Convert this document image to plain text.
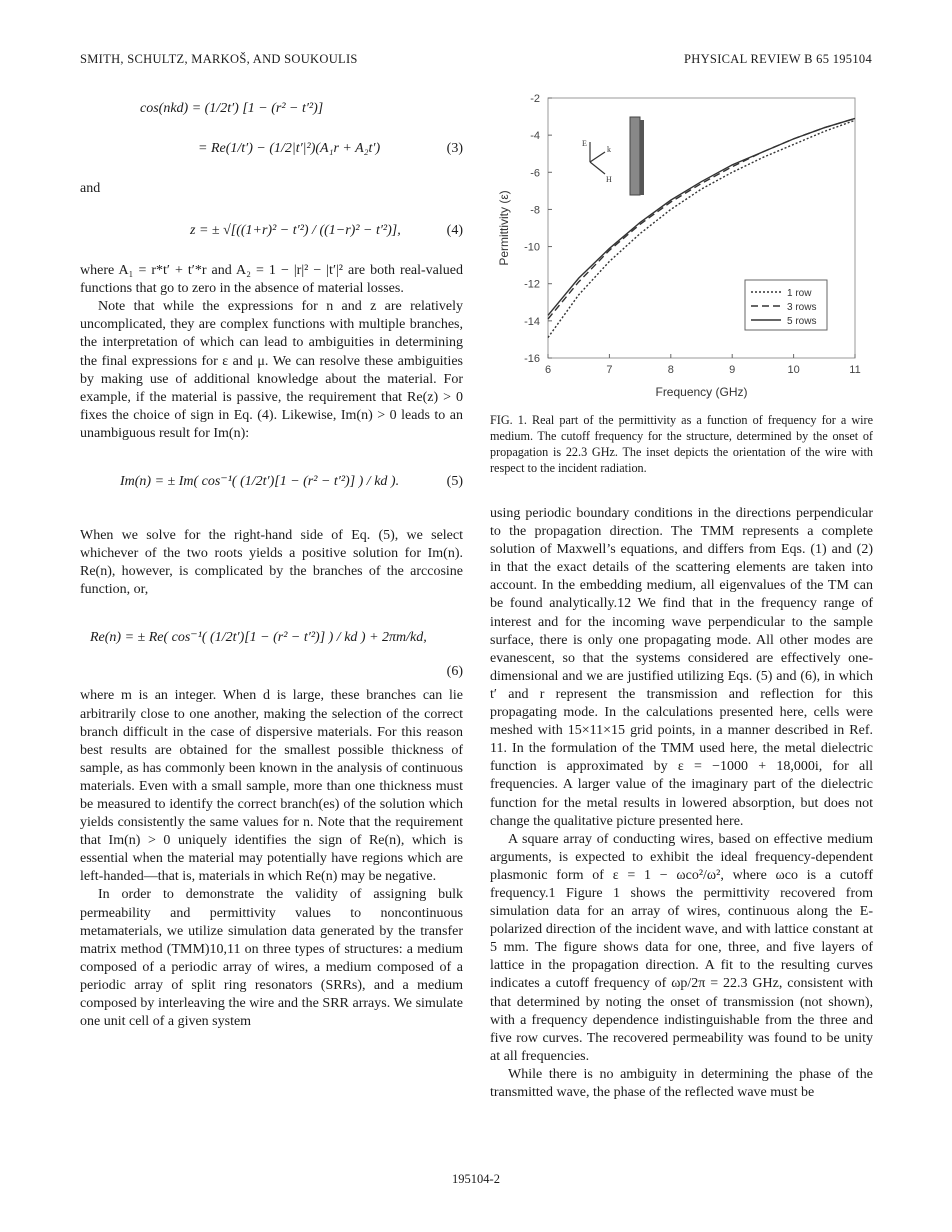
SMITH, SCHULTZ, MARKOŠ, AND SOUKOULIS	PHYSICAL REVIEW B 65 195104
cos(nkd) = (1/2t′) [1 − (r² − t′²)]
= Re(1/t′) − (1/2|t′|²)(A₁r + A₂t′)	(3)

and

z = ± √[((1+r)² − t′²) / ((1−r)² − t′²)],	(4)

where A₁ = r*t′ + t′*r and A₂ = 1 − |r|² − |t′|² are both real-valued functions that go to zero in the absence of material losses.

Note that while the expressions for n and z are relatively uncomplicated, they are complex functions with multiple branches, the interpretation of which can lead to ambiguities in determining the final expressions for ε and μ. We can resolve these ambiguities by making use of additional knowledge about the material. For example, if the material is passive, the requirement that Re(z) > 0 fixes the choice of sign in Eq. (4). Likewise, Im(n) > 0 leads to an unambiguous result for Im(n):

Im(n) = ± Im( cos⁻¹( (1/2t′)[1 − (r² − t′²)] ) / kd ).	(5)

When we solve for the right-hand side of Eq. (5), we select whichever of the two roots yields a positive solution for Im(n). Re(n), however, is complicated by the branches of the arccosine function, or,

Re(n) = ± Re( cos⁻¹( (1/2t′)[1 − (r² − t′²)] ) / kd ) + 2πm/kd,
(6)

where m is an integer. When d is large, these branches can lie arbitrarily close to one another, making the selection of the correct branch difficult in the case of dispersive materials. For this reason best results are obtained for the smallest possible thickness of sample, as has commonly been known in the analysis of continuous materials. Even with a small sample, more than one thickness must be measured to identify the correct branch(es) of the solution which yields consistently the same values for n. Note that the requirement that Im(n) > 0 uniquely identifies the sign of Re(n), which is essential when the material may potentially have regions which are left-handed—that is, materials in which Re(n) may be negative.

In order to demonstrate the validity of assigning bulk permeability and permittivity values to noncontinuous metamaterials, we utilize simulation data generated by the transfer matrix method (TMM)10,11 on three types of structures: a medium composed of a periodic array of wires, a medium composed of a periodic array of split ring resonators (SRRs), and a medium composed by interleaving the wire and the SRR arrays. We simulate one unit cell of a given system

6	7	8	9	10	11
-2
-4
-6
-8
-10
-12
-14
-16
E
k
H
1 row
3 rows
5 rows
Frequency (GHz)
Permittivity (ε)
FIG. 1. Real part of the permittivity as a function of frequency for a wire medium. The cutoff frequency for the structure, determined by the onset of propagation is 22.3 GHz. The inset depicts the orientation of the wire with respect to the incident radiation.

using periodic boundary conditions in the directions perpendicular to the propagation direction. The TMM represents a complete solution of Maxwell’s equations, and differs from Eqs. (1) and (2) in that the exact details of the scattering elements are taken into account. In the embedding medium, all eigenvalues of the TM can be found analytically.12 We find that in the frequency range of interest and for the incoming wave perpendicular to the sample surface, there is only one propagating mode. All other modes are evanescent, so that the systems considered are effectively one-dimensional and we are justified utilizing Eqs. (5) and (6), in which t′ and r represent the transmission and reflection for this propagating mode. In the calculations presented here, cells were meshed with 15×11×15 grid points, in a manner described in Ref. 11. In the formulation of the TMM used here, the metal dielectric function is approximated by ε = −1000 + 18,000i, for all frequencies. A larger value of the imaginary part of the dielectric function for the metal results in lowered absorption, but does not change the qualitative picture presented here.

A square array of conducting wires, based on effective medium arguments, is expected to exhibit the ideal frequency-dependent plasmonic form of ε = 1 − ωco²/ω², where ωco is a cutoff frequency.1 Figure 1 shows the permittivity recovered from simulation data for an array of wires, continuous along the E-polarized direction of the incident wave, and with lattice constant at 5 mm. The figure shows data for one, three, and five layers of lattice in the propagation direction. A fit to the resulting curves indicates a cutoff frequency of ωp/2π = 22.3 GHz, consistent with that determined by noting the onset of transmission (not shown), with a frequency dependence indistinguishable from the three and five row curves. The recovered permeability was found to be unity at all frequencies.

While there is no ambiguity in determining the phase of the transmitted wave, the phase of the reflected wave must be

195104-2
